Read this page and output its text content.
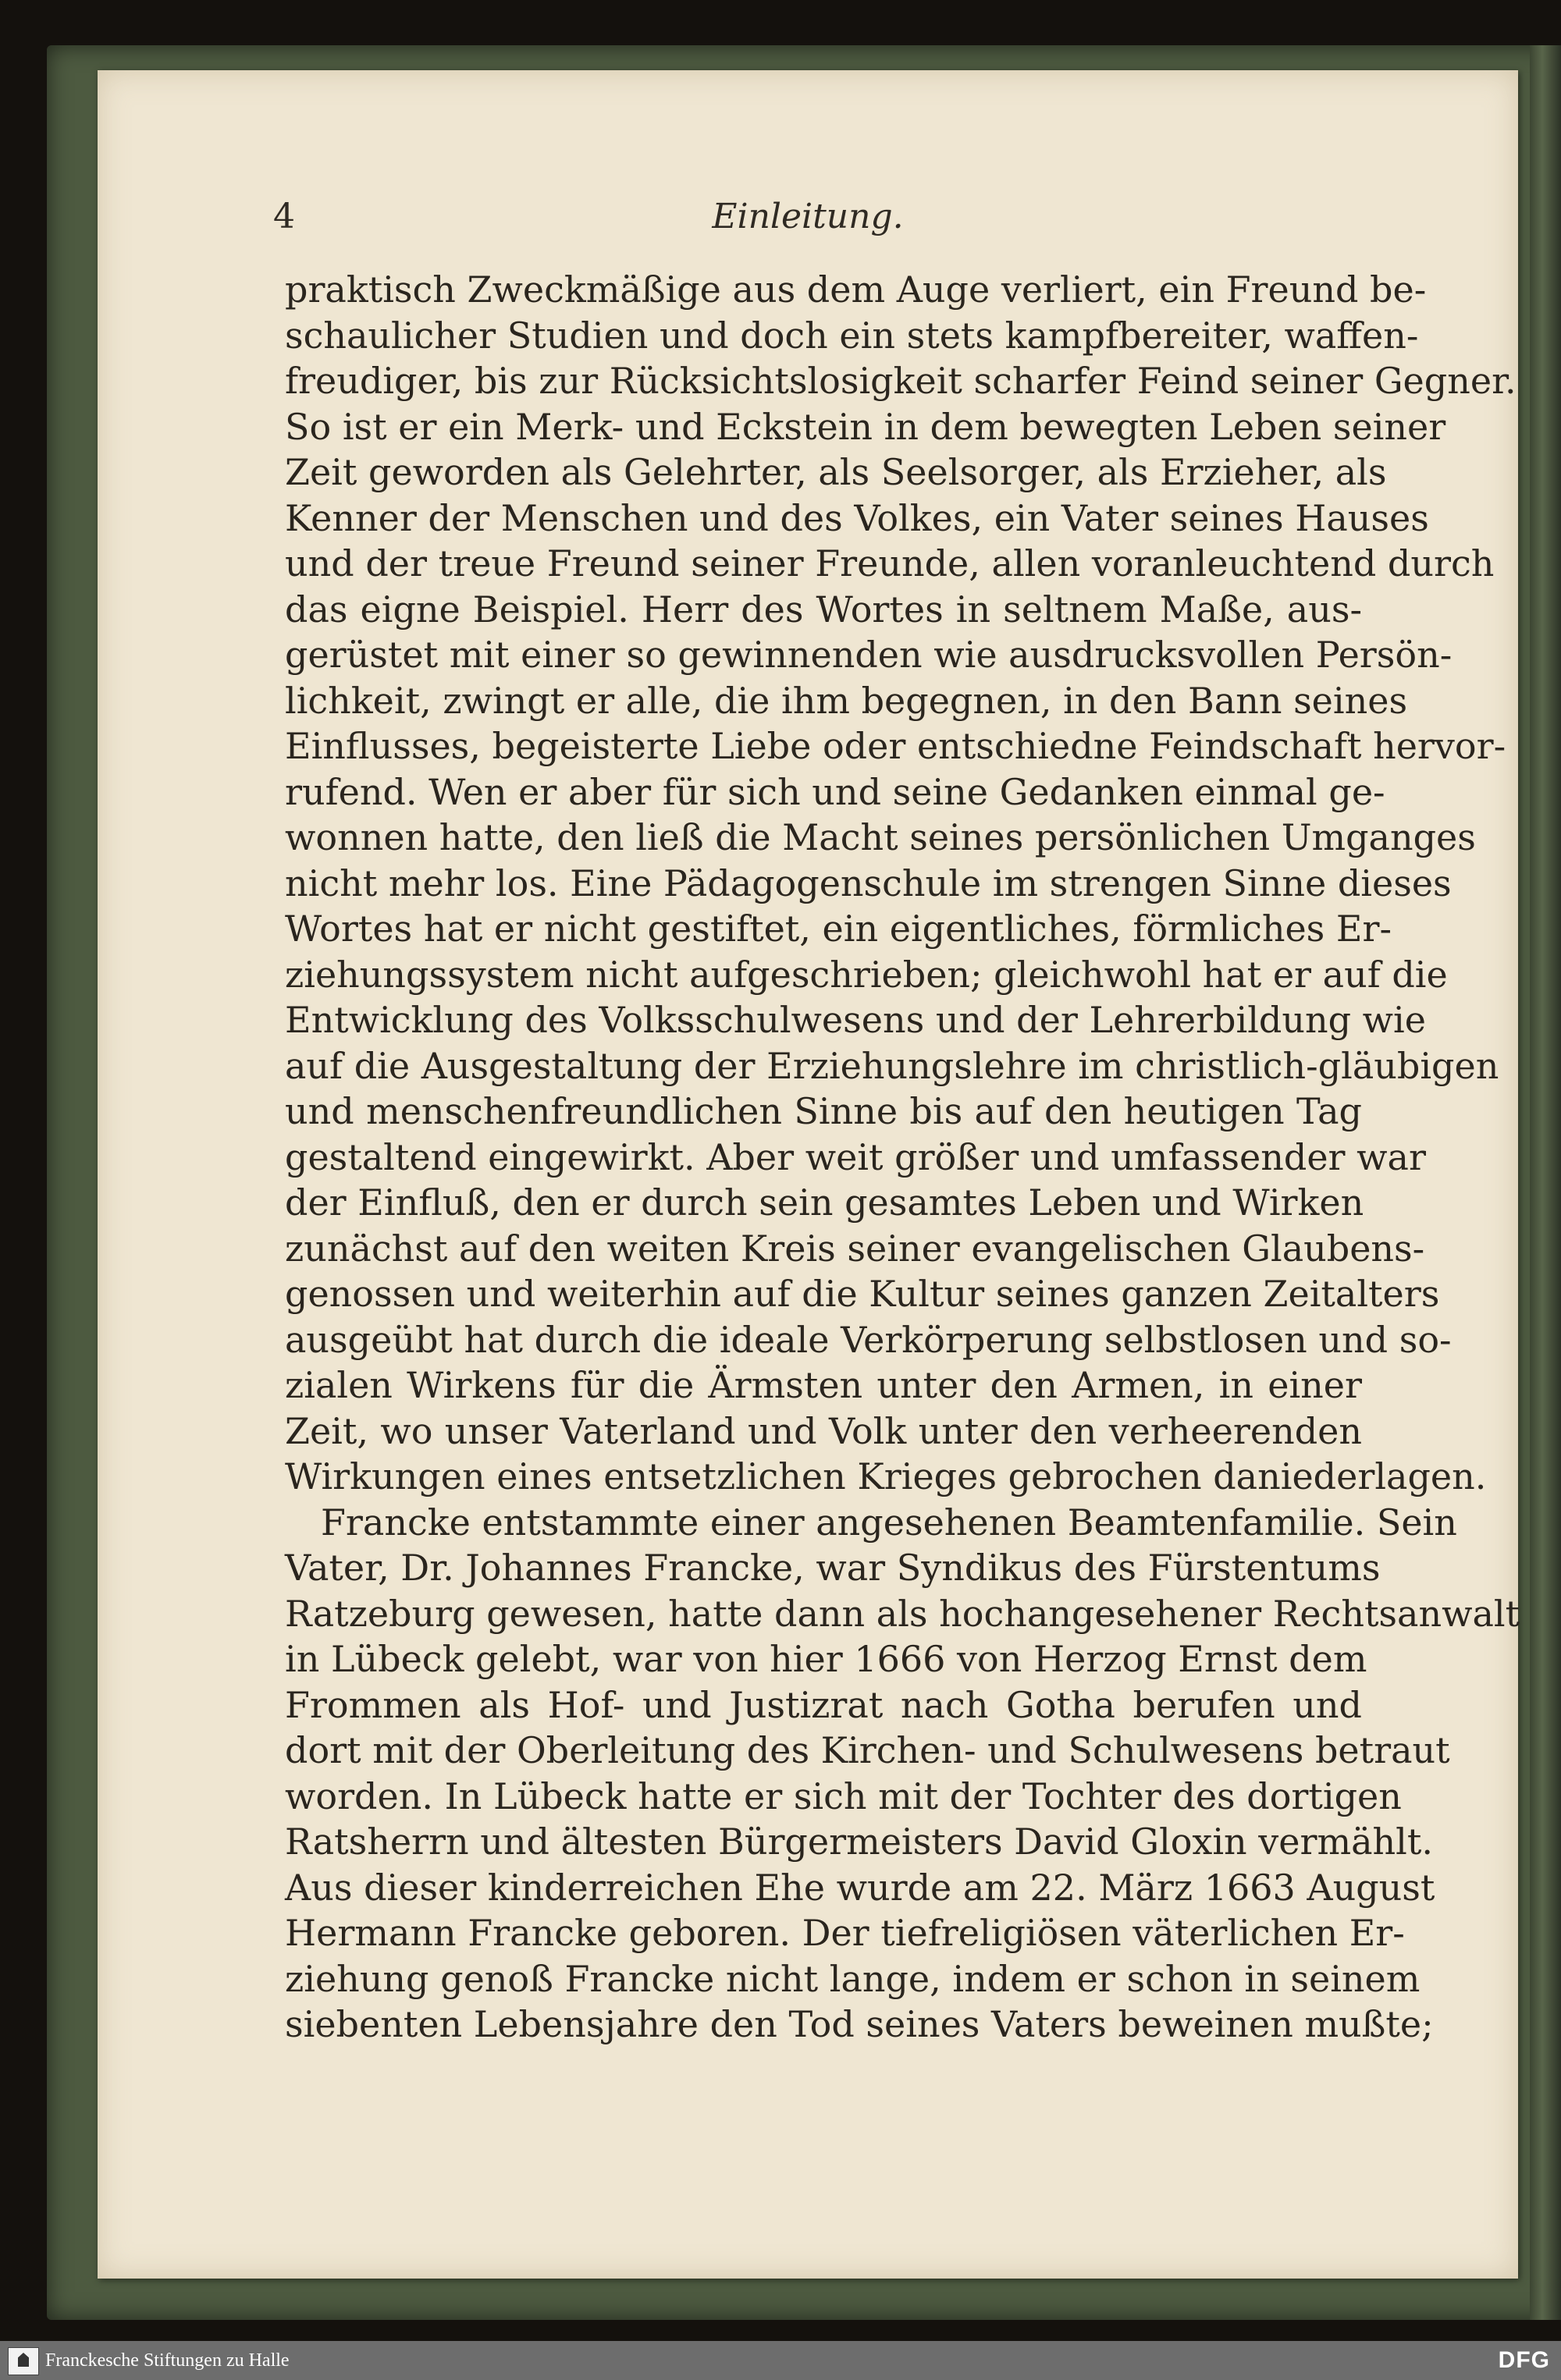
4	Einleitung.
praktisch Zweckmäßige aus dem Auge verliert, ein Freund be-
schaulicher Studien und doch ein stets kampfbereiter, waffen-
freudiger, bis zur Rücksichtslosigkeit scharfer Feind seiner Gegner.
So ist er ein Merk- und Eckstein in dem bewegten Leben seiner
Zeit geworden als Gelehrter, als Seelsorger, als Erzieher, als
Kenner der Menschen und des Volkes, ein Vater seines Hauses
und der treue Freund seiner Freunde, allen voranleuchtend durch
das eigne Beispiel. Herr des Wortes in seltnem Maße, aus-
gerüstet mit einer so gewinnenden wie ausdrucksvollen Persön-
lichkeit, zwingt er alle, die ihm begegnen, in den Bann seines
Einflusses, begeisterte Liebe oder entschiedne Feindschaft hervor-
rufend. Wen er aber für sich und seine Gedanken einmal ge-
wonnen hatte, den ließ die Macht seines persönlichen Umganges
nicht mehr los. Eine Pädagogenschule im strengen Sinne dieses
Wortes hat er nicht gestiftet, ein eigentliches, förmliches Er-
ziehungssystem nicht aufgeschrieben; gleichwohl hat er auf die
Entwicklung des Volksschulwesens und der Lehrerbildung wie
auf die Ausgestaltung der Erziehungslehre im christlich-gläubigen
und menschenfreundlichen Sinne bis auf den heutigen Tag
gestaltend eingewirkt. Aber weit größer und umfassender war
der Einfluß, den er durch sein gesamtes Leben und Wirken
zunächst auf den weiten Kreis seiner evangelischen Glaubens-
genossen und weiterhin auf die Kultur seines ganzen Zeitalters
ausgeübt hat durch die ideale Verkörperung selbstlosen und so-
zialen Wirkens für die Ärmsten unter den Armen, in einer
Zeit, wo unser Vaterland und Volk unter den verheerenden
Wirkungen eines entsetzlichen Krieges gebrochen daniederlagen.
Francke entstammte einer angesehenen Beamtenfamilie. Sein
Vater, Dr. Johannes Francke, war Syndikus des Fürstentums
Ratzeburg gewesen, hatte dann als hochangesehener Rechtsanwalt
in Lübeck gelebt, war von hier 1666 von Herzog Ernst dem
Frommen als Hof- und Justizrat nach Gotha berufen und
dort mit der Oberleitung des Kirchen- und Schulwesens betraut
worden. In Lübeck hatte er sich mit der Tochter des dortigen
Ratsherrn und ältesten Bürgermeisters David Gloxin vermählt.
Aus dieser kinderreichen Ehe wurde am 22. März 1663 August
Hermann Francke geboren. Der tiefreligiösen väterlichen Er-
ziehung genoß Francke nicht lange, indem er schon in seinem
siebenten Lebensjahre den Tod seines Vaters beweinen mußte;
Franckesche Stiftungen zu Halle	DFG
